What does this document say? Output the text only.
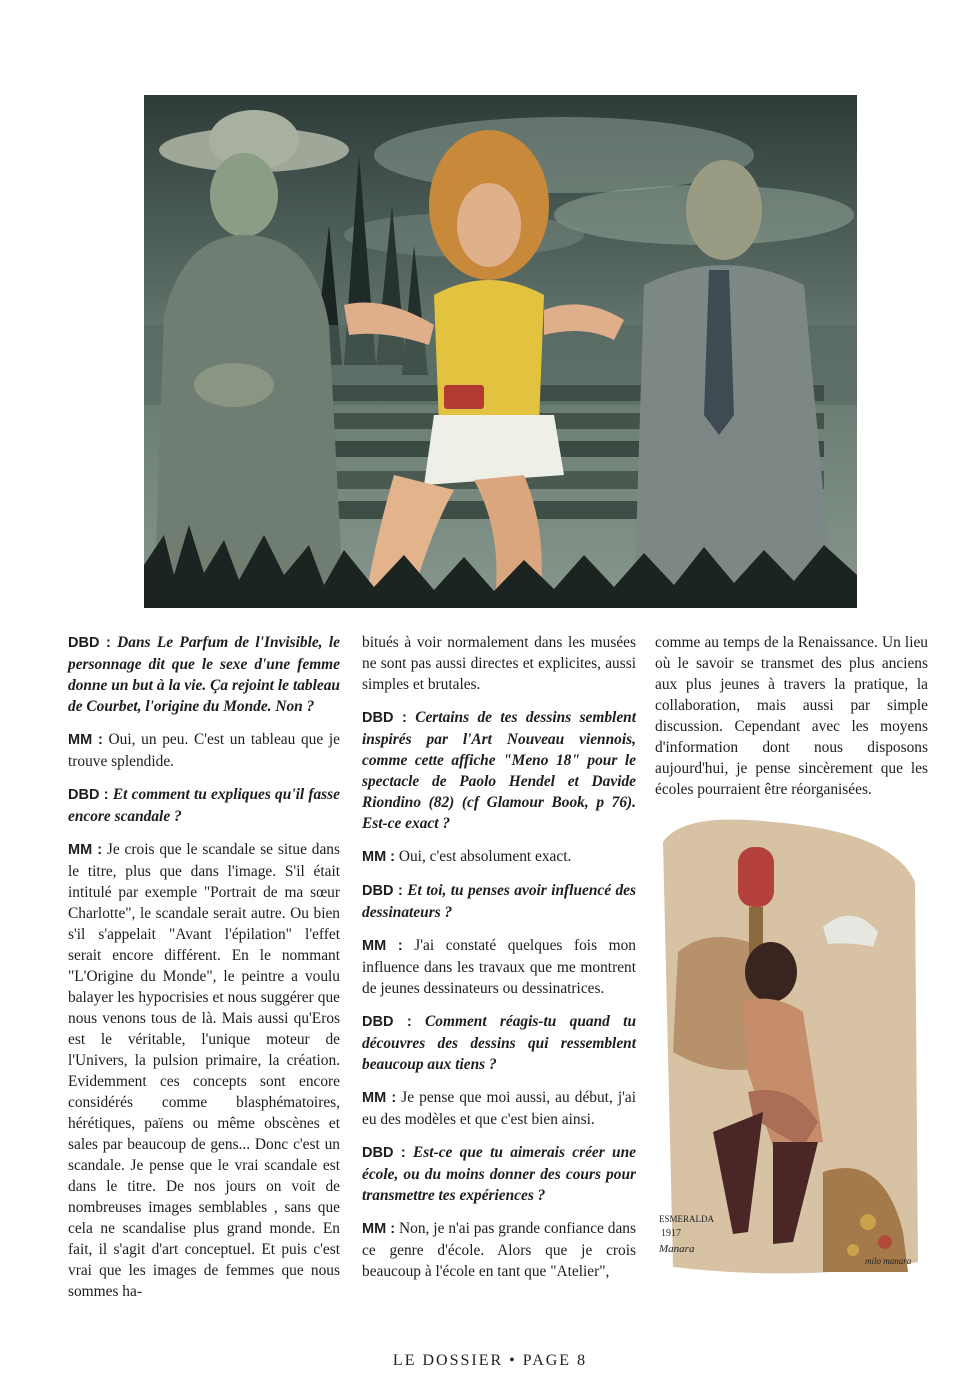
DBD : Dans Le Parfum de l'Invisible, le personnage dit que le sexe d'une femme donne un but à la vie. Ça rejoint le tableau de Courbet, l'origine du Monde. Non ?

MM : Oui, un peu. C'est un tableau que je trouve splendide.

DBD : Et comment tu expliques qu'il fasse encore scandale ?

MM : Je crois que le scandale se situe dans le titre, plus que dans l'image. S'il était intitulé par exemple "Portrait de ma sœur Charlotte", le scandale serait autre. Ou bien s'il s'appelait "Avant l'épilation" l'effet serait encore différent. En le nommant "L'Origine du Monde", le peintre a voulu balayer les hypocrisies et nous suggérer que nous venons tous de là. Mais aussi qu'Eros est le véritable, l'unique moteur de l'Univers, la pulsion primaire, la création. Evidemment ces concepts sont encore considérés comme blasphématoires, hérétiques, païens ou même obscènes et sales par beaucoup de gens... Donc c'est un scandale. Je pense que le vrai scandale est dans le titre. De nos jours on voit de nombreuses images semblables , sans que cela ne scandalise plus grand monde. En fait, il s'agit d'art conceptuel. Et puis c'est vrai que les images de femmes que nous sommes ha-

bitués à voir normalement dans les musées ne sont pas aussi directes et explicites, aussi simples et brutales.

DBD : Certains de tes dessins semblent inspirés par l'Art Nouveau viennois, comme cette affiche "Meno 18" pour le spectacle de Paolo Hendel et Davide Riondino (82) (cf Glamour Book, p 76). Est-ce exact ?

MM : Oui, c'est absolument exact.

DBD : Et toi, tu penses avoir influencé des dessinateurs ?

MM : J'ai constaté quelques fois mon influence dans les travaux que me montrent de jeunes dessinateurs ou dessinatrices.

DBD : Comment réagis-tu quand tu découvres des dessins qui ressemblent beaucoup aux tiens ?

MM : Je pense que moi aussi, au début, j'ai eu des modèles et que c'est bien ainsi.

DBD : Est-ce que tu aimerais créer une école, ou du moins donner des cours pour transmettre tes expériences ?

MM : Non, je n'ai pas grande confiance dans ce genre d'école. Alors que je crois beaucoup à l'école en tant que "Atelier",

comme au temps de la Renaissance. Un lieu où le savoir se transmet des plus anciens aux plus jeunes à travers la pratique, la collaboration, mais aussi par simple discussion. Cependant avec les moyens d'information dont nous disposons aujourd'hui, je pense sincèrement que les écoles pourraient être réorganisées.

ESMERALDA
1917
Manara
milo manara
LE DOSSIER • PAGE 8
